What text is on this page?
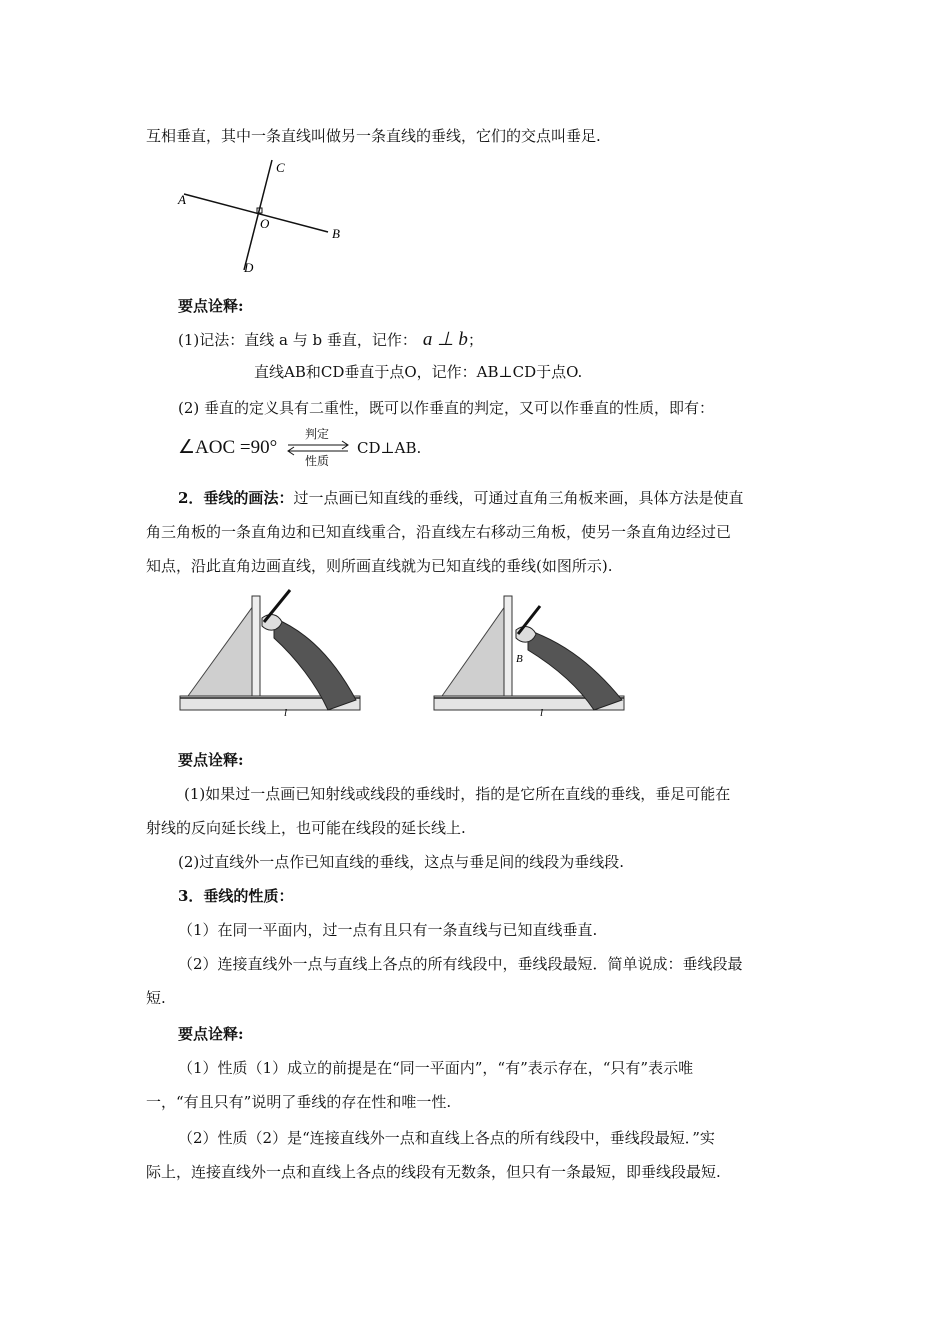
互相垂直，其中一条直线叫做另一条直线的垂线，它们的交点叫垂足.
A
B
C
D
O
要点诠释:
(1)记法：直线 a 与 b 垂直，记作： a ⊥ b；
直线AB和CD垂直于点O，记作：AB⊥CD于点O.
(2) 垂直的定义具有二重性，既可以作垂直的判定，又可以作垂直的性质，即有：
∠AOC =90°
判定
性质
CD⊥AB.
2．垂线的画法：过一点画已知直线的垂线，可通过直角三角板来画，具体方法是使直
角三角板的一条直角边和已知直线重合，沿直线左右移动三角板，使另一条直角边经过已
知点，沿此直角边画直线，则所画直线就为已知直线的垂线(如图所示).
l
B
l
要点诠释:
(1)如果过一点画已知射线或线段的垂线时，指的是它所在直线的垂线，垂足可能在
射线的反向延长线上，也可能在线段的延长线上.
(2)过直线外一点作已知直线的垂线，这点与垂足间的线段为垂线段.
3．垂线的性质：
（1）在同一平面内，过一点有且只有一条直线与已知直线垂直.
（2）连接直线外一点与直线上各点的所有线段中，垂线段最短．简单说成：垂线段最
短.
要点诠释:
（1）性质（1）成立的前提是在“同一平面内”，“有”表示存在，“只有”表示唯
一，“有且只有”说明了垂线的存在性和唯一性.
（2）性质（2）是“连接直线外一点和直线上各点的所有线段中，垂线段最短．”实
际上，连接直线外一点和直线上各点的线段有无数条，但只有一条最短，即垂线段最短.
